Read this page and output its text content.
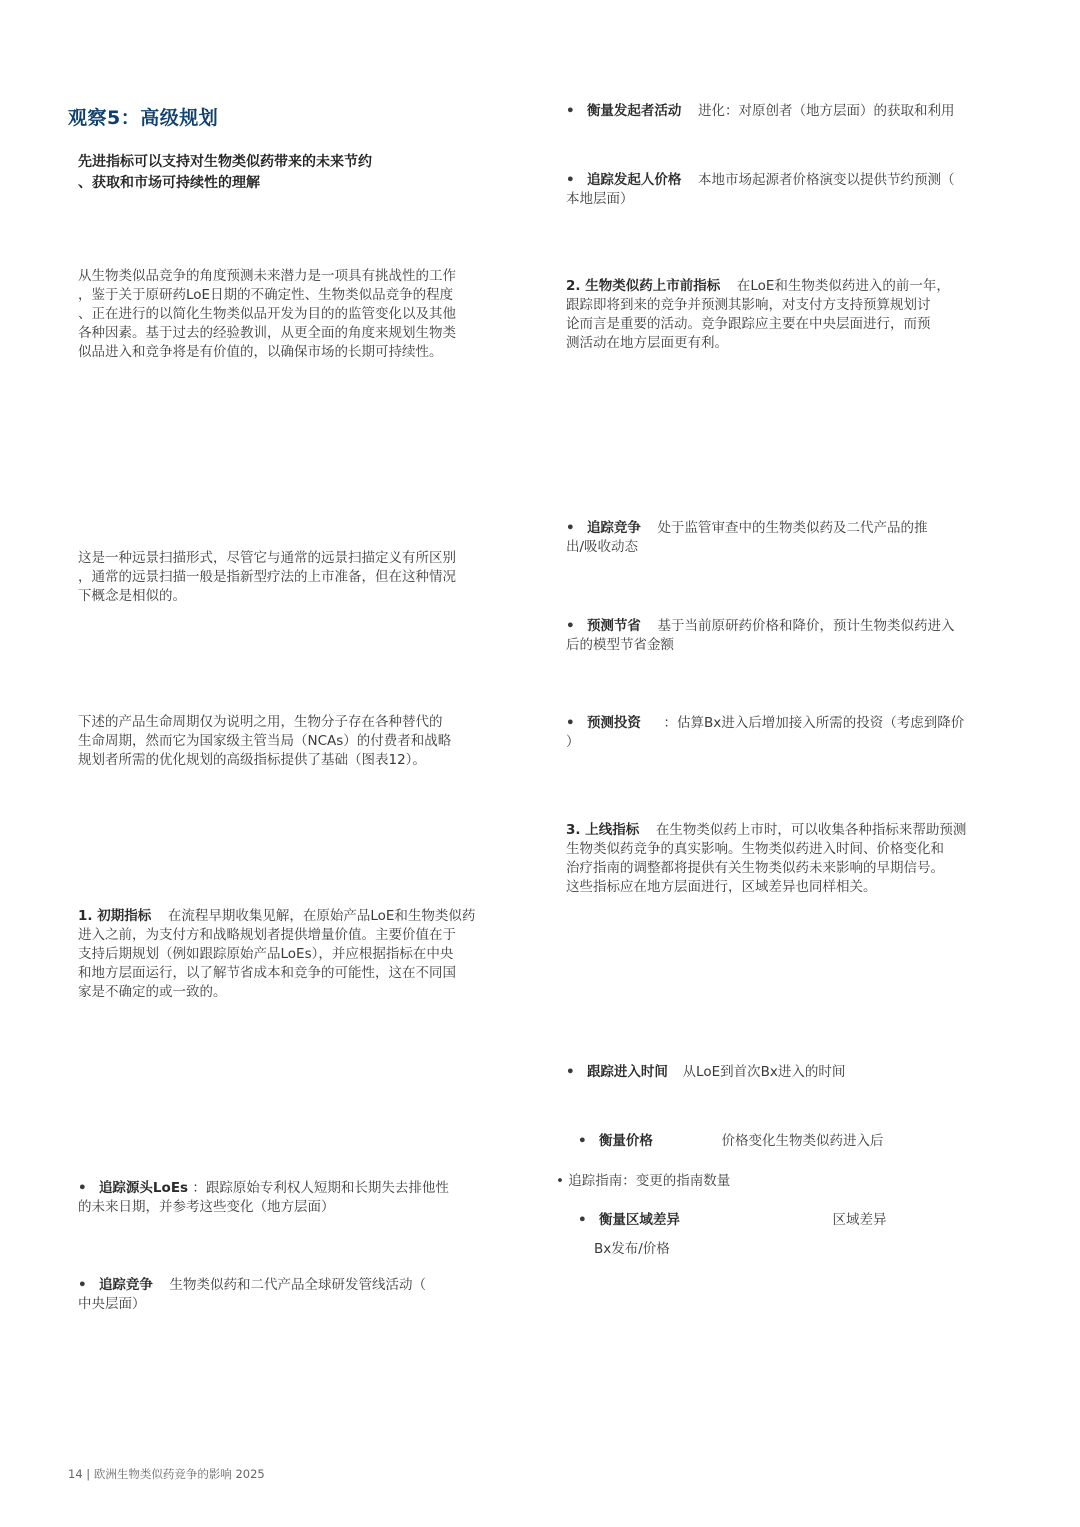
观察5：高级规划
先进指标可以支持对生物类似药带来的未来节约
、获取和市场可持续性的理解
从生物类似品竞争的角度预测未来潜力是一项具有挑战性的工作
，鉴于关于原研药LoE日期的不确定性、生物类似品竞争的程度
、正在进行的以简化生物类似品开发为目的的监管变化以及其他
各种因素。基于过去的经验教训，从更全面的角度来规划生物类
似品进入和竞争将是有价值的，以确保市场的长期可持续性。
这是一种远景扫描形式，尽管它与通常的远景扫描定义有所区别
，通常的远景扫描一般是指新型疗法的上市准备，但在这种情况
下概念是相似的。
下述的产品生命周期仅为说明之用，生物分子存在各种替代的
生命周期，然而它为国家级主管当局（NCAs）的付费者和战略
规划者所需的优化规划的高级指标提供了基础（图表12）。
1. 初期指标 在流程早期收集见解，在原始产品LoE和生物类似药
进入之前，为支付方和战略规划者提供增量价值。主要价值在于
支持后期规划（例如跟踪原始产品LoEs），并应根据指标在中央
和地方层面运行，以了解节省成本和竞争的可能性，这在不同国
家是不确定的或一致的。
• 追踪源头LoEs ：跟踪原始专利权人短期和长期失去排他性
的未来日期，并参考这些变化（地方层面）
• 追踪竞争 生物类似药和二代产品全球研发管线活动（
中央层面）
• 衡量发起者活动 进化：对原创者（地方层面）的获取和利用
• 追踪发起人价格 本地市场起源者价格演变以提供节约预测（
本地层面）
2. 生物类似药上市前指标 在LoE和生物类似药进入的前一年，
跟踪即将到来的竞争并预测其影响，对支付方支持预算规划讨
论而言是重要的活动。竞争跟踪应主要在中央层面进行，而预
测活动在地方层面更有利。
• 追踪竞争 处于监管审查中的生物类似药及二代产品的推
出/吸收动态
• 预测节省 基于当前原研药价格和降价，预计生物类似药进入
后的模型节省金额
• 预测投资 ：估算Bx进入后增加接入所需的投资（考虑到降价
）
3. 上线指标 在生物类似药上市时，可以收集各种指标来帮助预测
生物类似药竞争的真实影响。生物类似药进入时间、价格变化和
治疗指南的调整都将提供有关生物类似药未来影响的早期信号。
这些指标应在地方层面进行，区域差异也同样相关。
• 跟踪进入时间 从LoE到首次Bx进入的时间
• 衡量价格	价格变化生物类似药进入后
• 追踪指南：变更的指南数量
• 衡量区域差异	区域差异
Bx发布/价格
14 | 欧洲生物类似药竞争的影响 2025
